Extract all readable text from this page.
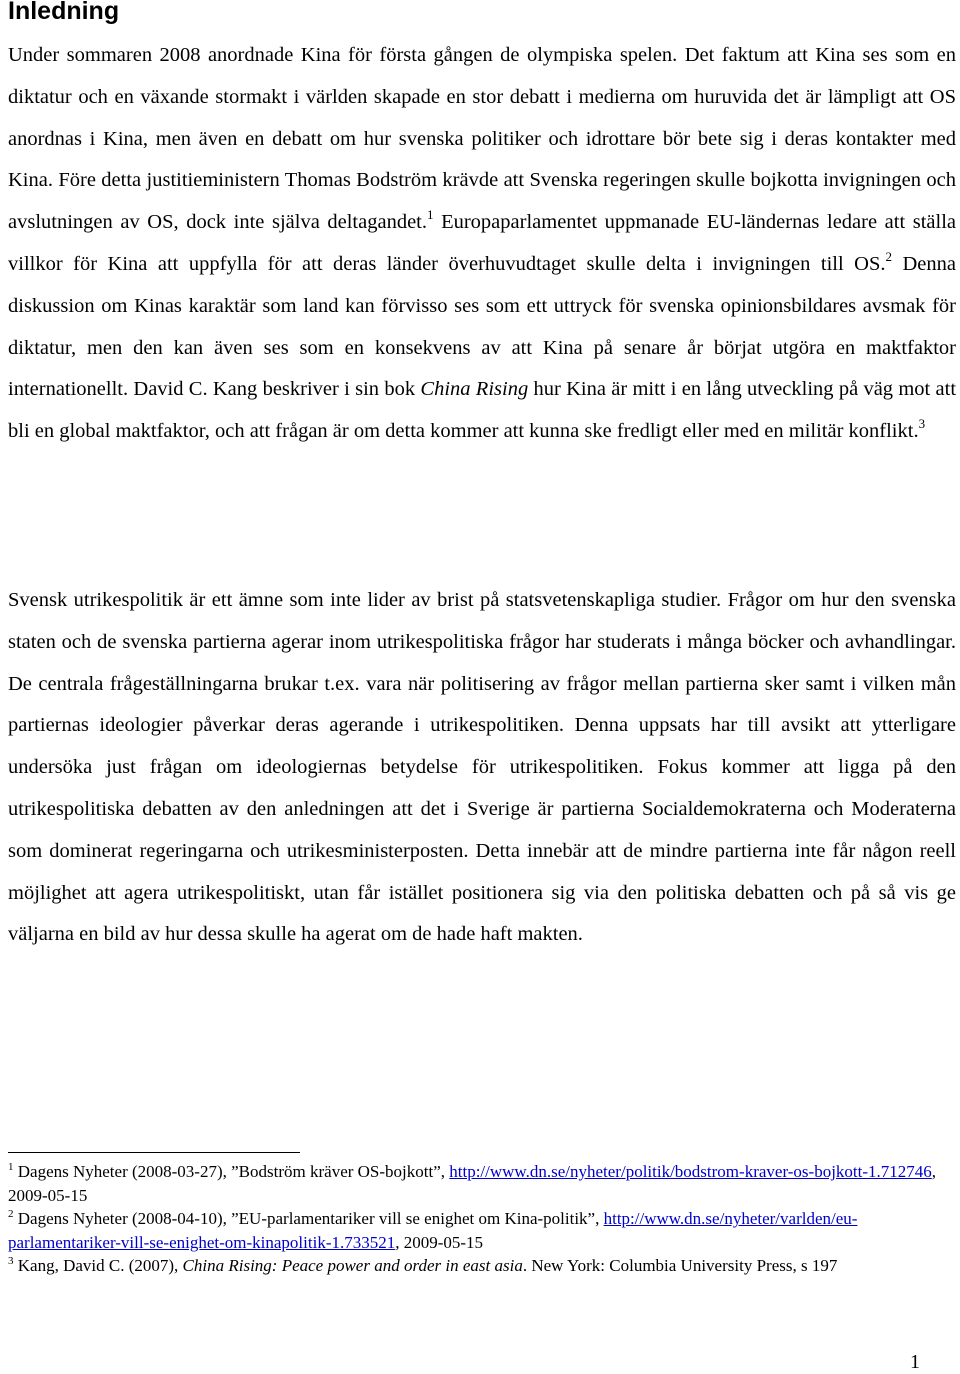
Inledning

Under sommaren 2008 anordnade Kina för första gången de olympiska spelen. Det faktum att Kina ses som en diktatur och en växande stormakt i världen skapade en stor debatt i medierna om huruvida det är lämpligt att OS anordnas i Kina, men även en debatt om hur svenska politiker och idrottare bör bete sig i deras kontakter med Kina. Före detta justitieministern Thomas Bodström krävde att Svenska regeringen skulle bojkotta invigningen och avslutningen av OS, dock inte själva deltagandet.$^1$ Europaparlamentet uppmanade EU-ländernas ledare att ställa villkor för Kina att uppfylla för att deras länder överhuvudtaget skulle delta i invigningen till OS.$^2$ Denna diskussion om Kinas karaktär som land kan förvisso ses som ett uttryck för svenska opinionsbildares avsmak för diktatur, men den kan även ses som en konsekvens av att Kina på senare år börjat utgöra en maktfaktor internationellt. David C. Kang beskriver i sin bok China Rising hur Kina är mitt i en lång utveckling på väg mot att bli en global maktfaktor, och att frågan är om detta kommer att kunna ske fredligt eller med en militär konflikt.$^3$

Svensk utrikespolitik är ett ämne som inte lider av brist på statsvetenskapliga studier. Frågor om hur den svenska staten och de svenska partierna agerar inom utrikespolitiska frågor har studerats i många böcker och avhandlingar. De centrala frågeställningarna brukar t.ex. vara när politisering av frågor mellan partierna sker samt i vilken mån partiernas ideologier påverkar deras agerande i utrikespolitiken. Denna uppsats har till avsikt att ytterligare undersöka just frågan om ideologiernas betydelse för utrikespolitiken. Fokus kommer att ligga på den utrikespolitiska debatten av den anledningen att det i Sverige är partierna Socialdemokraterna och Moderaterna som dominerat regeringarna och utrikesministerposten. Detta innebär att de mindre partierna inte får någon reell möjlighet att agera utrikespolitiskt, utan får istället positionera sig via den politiska debatten och på så vis ge väljarna en bild av hur dessa skulle ha agerat om de hade haft makten.

$^1$ Dagens Nyheter (2008-03-27), ”Bodström kräver OS-bojkott”, http://www.dn.se/nyheter/politik/bodstrom-kraver-os-bojkott-1.712746, 2009-05-15

$^2$ Dagens Nyheter (2008-04-10), ”EU-parlamentariker vill se enighet om Kina-politik”, http://www.dn.se/nyheter/varlden/eu-parlamentariker-vill-se-enighet-om-kinapolitik-1.733521, 2009-05-15

$^3$ Kang, David C. (2007), China Rising: Peace power and order in east asia. New York: Columbia University Press, s 197

1
